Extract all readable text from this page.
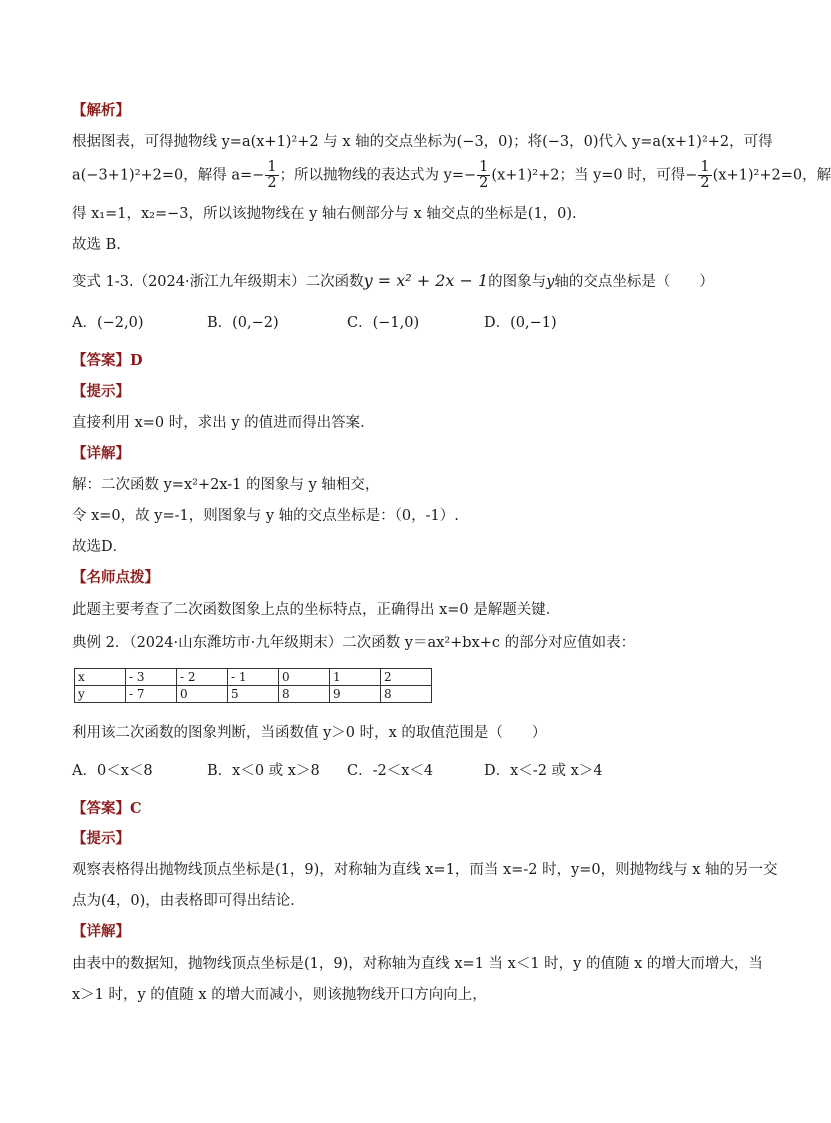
【解析】
根据图表，可得抛物线 y=a(x+1)²+2 与 x 轴的交点坐标为(−3，0)；将(−3，0)代入 y=a(x+1)²+2，可得
a(−3+1)²+2=0，解得 $a=- \frac{1}{2}$ ；所以抛物线的表达式为 $y=- \frac{1}{2} (x+1)^2+2$；当 y=0 时，可得− $\frac{1}{2} (x+1)^2+2=0$，解
得 x₁=1，x₂=−3，所以该抛物线在 y 轴右侧部分与 x 轴交点的坐标是(1，0).
故选 B.
变式 1-3.（2024·浙江九年级期末）二次函数y = x² + 2x − 1的图象与y轴的交点坐标是（　　）
A．(−2,0)	B．(0,−2)	C．(−1,0)	D．(0,−1)
【答案】D
【提示】
直接利用 x=0 时，求出 y 的值进而得出答案．
【详解】
解：二次函数 y=x²+2x-1 的图象与 y 轴相交，
令 x=0，故 y=-1，则图象与 y 轴的交点坐标是：（0，-1）.
故选D．
【名师点拨】
此题主要考查了二次函数图象上点的坐标特点，正确得出 x=0 是解题关键．
典例 2．（2024·山东潍坊市·九年级期末）二次函数 y＝ax²+bx+c 的部分对应值如表：
x	- 3	- 2	- 1	0	1	2
y	- 7	0	5	8	9	8
利用该二次函数的图象判断，当函数值 y＞0 时，x 的取值范围是（　　）
A．0＜x＜8	B．x＜0 或 x＞8 C．-2＜x＜4	D．x＜-2 或 x＞4
【答案】C
【提示】
观察表格得出抛物线顶点坐标是(1，9)，对称轴为直线 x=1，而当 x=-2 时，y=0，则抛物线与 x 轴的另一交
点为(4，0)，由表格即可得出结论．
【详解】
由表中的数据知，抛物线顶点坐标是(1，9)，对称轴为直线 x=1 当 x＜1 时，y 的值随 x 的增大而增大，当
x＞1 时，y 的值随 x 的增大而减小，则该抛物线开口方向向上，
